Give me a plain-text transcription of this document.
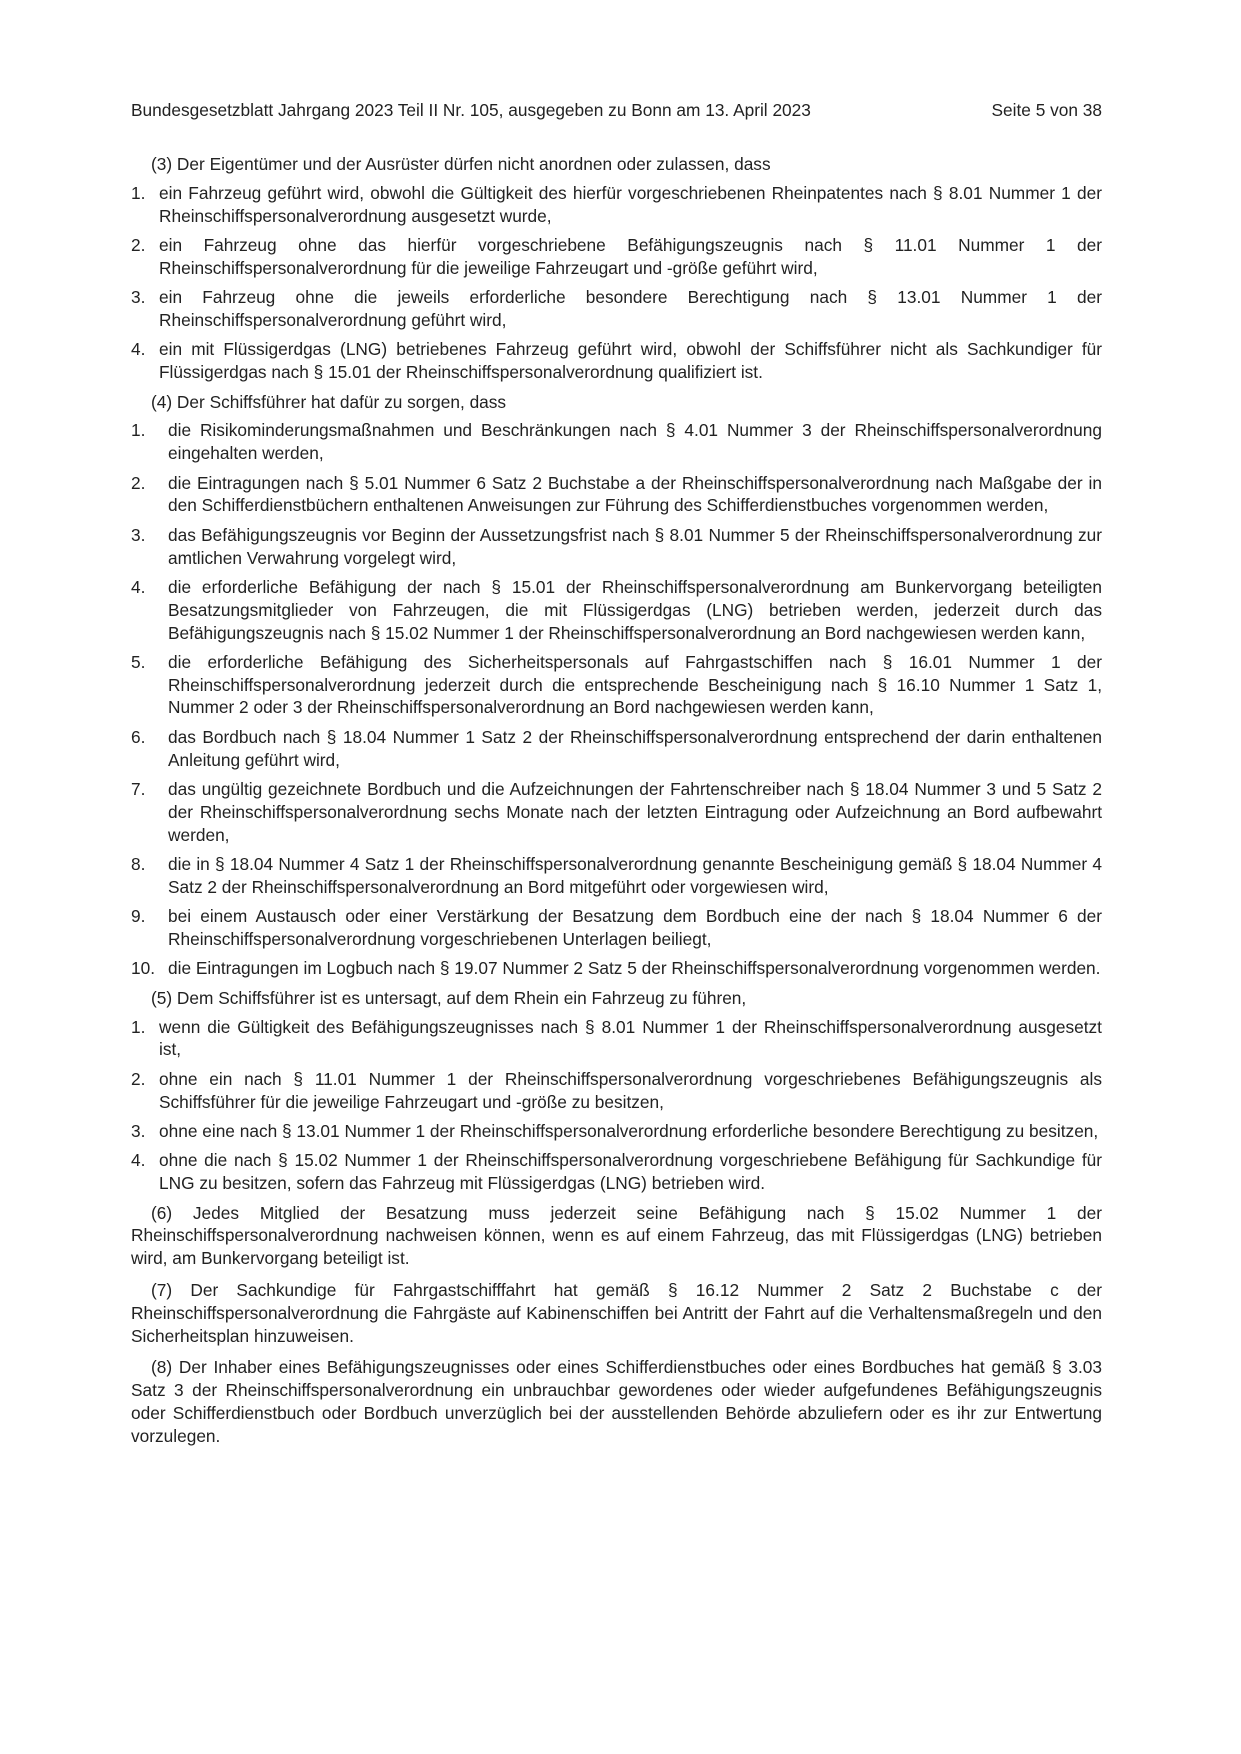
Bundesgesetzblatt Jahrgang 2023 Teil II Nr. 105, ausgegeben zu Bonn am 13. April 2023	Seite 5 von 38

(3) Der Eigentümer und der Ausrüster dürfen nicht anordnen oder zulassen, dass

1. ein Fahrzeug geführt wird, obwohl die Gültigkeit des hierfür vorgeschriebenen Rheinpatentes nach § 8.01 Nummer 1 der Rheinschiffspersonalverordnung ausgesetzt wurde,
2. ein Fahrzeug ohne das hierfür vorgeschriebene Befähigungszeugnis nach § 11.01 Nummer 1 der Rheinschiffspersonalverordnung für die jeweilige Fahrzeugart und -größe geführt wird,
3. ein Fahrzeug ohne die jeweils erforderliche besondere Berechtigung nach § 13.01 Nummer 1 der Rheinschiffspersonalverordnung geführt wird,
4. ein mit Flüssigerdgas (LNG) betriebenes Fahrzeug geführt wird, obwohl der Schiffsführer nicht als Sachkundiger für Flüssigerdgas nach § 15.01 der Rheinschiffspersonalverordnung qualifiziert ist.

(4) Der Schiffsführer hat dafür zu sorgen, dass

1. die Risikominderungsmaßnahmen und Beschränkungen nach § 4.01 Nummer 3 der Rheinschiffspersonalverordnung eingehalten werden,
2. die Eintragungen nach § 5.01 Nummer 6 Satz 2 Buchstabe a der Rheinschiffspersonalverordnung nach Maßgabe der in den Schifferdienstbüchern enthaltenen Anweisungen zur Führung des Schifferdienstbuches vorgenommen werden,
3. das Befähigungszeugnis vor Beginn der Aussetzungsfrist nach § 8.01 Nummer 5 der Rheinschiffspersonalverordnung zur amtlichen Verwahrung vorgelegt wird,
4. die erforderliche Befähigung der nach § 15.01 der Rheinschiffspersonalverordnung am Bunkervorgang beteiligten Besatzungsmitglieder von Fahrzeugen, die mit Flüssigerdgas (LNG) betrieben werden, jederzeit durch das Befähigungszeugnis nach § 15.02 Nummer 1 der Rheinschiffspersonalverordnung an Bord nachgewiesen werden kann,
5. die erforderliche Befähigung des Sicherheitspersonals auf Fahrgastschiffen nach § 16.01 Nummer 1 der Rheinschiffspersonalverordnung jederzeit durch die entsprechende Bescheinigung nach § 16.10 Nummer 1 Satz 1, Nummer 2 oder 3 der Rheinschiffspersonalverordnung an Bord nachgewiesen werden kann,
6. das Bordbuch nach § 18.04 Nummer 1 Satz 2 der Rheinschiffspersonalverordnung entsprechend der darin enthaltenen Anleitung geführt wird,
7. das ungültig gezeichnete Bordbuch und die Aufzeichnungen der Fahrtenschreiber nach § 18.04 Nummer 3 und 5 Satz 2 der Rheinschiffspersonalverordnung sechs Monate nach der letzten Eintragung oder Aufzeichnung an Bord aufbewahrt werden,
8. die in § 18.04 Nummer 4 Satz 1 der Rheinschiffspersonalverordnung genannte Bescheinigung gemäß § 18.04 Nummer 4 Satz 2 der Rheinschiffspersonalverordnung an Bord mitgeführt oder vorgewiesen wird,
9. bei einem Austausch oder einer Verstärkung der Besatzung dem Bordbuch eine der nach § 18.04 Nummer 6 der Rheinschiffspersonalverordnung vorgeschriebenen Unterlagen beiliegt,
10. die Eintragungen im Logbuch nach § 19.07 Nummer 2 Satz 5 der Rheinschiffspersonalverordnung vorgenommen werden.

(5) Dem Schiffsführer ist es untersagt, auf dem Rhein ein Fahrzeug zu führen,

1. wenn die Gültigkeit des Befähigungszeugnisses nach § 8.01 Nummer 1 der Rheinschiffspersonalverordnung ausgesetzt ist,
2. ohne ein nach § 11.01 Nummer 1 der Rheinschiffspersonalverordnung vorgeschriebenes Befähigungszeugnis als Schiffsführer für die jeweilige Fahrzeugart und -größe zu besitzen,
3. ohne eine nach § 13.01 Nummer 1 der Rheinschiffspersonalverordnung erforderliche besondere Berechtigung zu besitzen,
4. ohne die nach § 15.02 Nummer 1 der Rheinschiffspersonalverordnung vorgeschriebene Befähigung für Sachkundige für LNG zu besitzen, sofern das Fahrzeug mit Flüssigerdgas (LNG) betrieben wird.

(6) Jedes Mitglied der Besatzung muss jederzeit seine Befähigung nach § 15.02 Nummer 1 der Rheinschiffspersonalverordnung nachweisen können, wenn es auf einem Fahrzeug, das mit Flüssigerdgas (LNG) betrieben wird, am Bunkervorgang beteiligt ist.

(7) Der Sachkundige für Fahrgastschifffahrt hat gemäß § 16.12 Nummer 2 Satz 2 Buchstabe c der Rheinschiffspersonalverordnung die Fahrgäste auf Kabinenschiffen bei Antritt der Fahrt auf die Verhaltensmaßregeln und den Sicherheitsplan hinzuweisen.

(8) Der Inhaber eines Befähigungszeugnisses oder eines Schifferdienstbuches oder eines Bordbuches hat gemäß § 3.03 Satz 3 der Rheinschiffspersonalverordnung ein unbrauchbar gewordenes oder wieder aufgefundenes Befähigungszeugnis oder Schifferdienstbuch oder Bordbuch unverzüglich bei der ausstellenden Behörde abzuliefern oder es ihr zur Entwertung vorzulegen.
